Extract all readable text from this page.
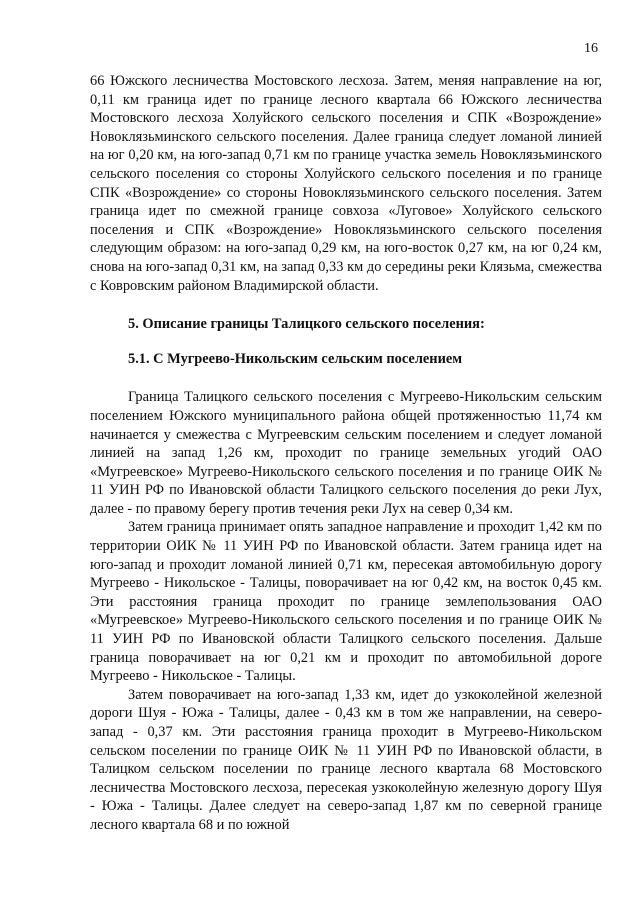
16

66 Южского лесничества Мостовского лесхоза. Затем, меняя направление на юг, 0,11 км граница идет по границе лесного квартала 66 Южского лесничества Мостовского лесхоза Холуйского сельского поселения и СПК «Возрождение» Новоклязьминского сельского поселения. Далее граница следует ломаной линией на юг 0,20 км, на юго-запад 0,71 км по границе участка земель Новоклязьминского сельского поселения со стороны Холуйского сельского поселения и по границе СПК «Возрождение» со стороны Новоклязьминского сельского поселения. Затем граница идет по смежной границе совхоза «Луговое» Холуйского сельского поселения и СПК «Возрождение» Новоклязьминского сельского поселения следующим образом: на юго-запад 0,29 км, на юго-восток 0,27 км, на юг 0,24 км, снова на юго-запад 0,31 км, на запад 0,33 км до середины реки Клязьма, смежества с Ковровским районом Владимирской области.

5. Описание границы Талицкого сельского поселения:

5.1. С Мугреево-Никольским сельским поселением

Граница Талицкого сельского поселения с Мугреево-Никольским сельским поселением Южского муниципального района общей протяженностью 11,74 км начинается у смежества с Мугреевским сельским поселением и следует ломаной линией на запад 1,26 км, проходит по границе земельных угодий ОАО «Мугреевское» Мугреево-Никольского сельского поселения и по границе ОИК № 11 УИН РФ по Ивановской области Талицкого сельского поселения до реки Лух, далее - по правому берегу против течения реки Лух на север 0,34 км.

Затем граница принимает опять западное направление и проходит 1,42 км по территории ОИК № 11 УИН РФ по Ивановской области. Затем граница идет на юго-запад и проходит ломаной линией 0,71 км, пересекая автомобильную дорогу Мугреево - Никольское - Талицы, поворачивает на юг 0,42 км, на восток 0,45 км. Эти расстояния граница проходит по границе землепользования ОАО «Мугреевское» Мугреево-Никольского сельского поселения и по границе ОИК № 11 УИН РФ по Ивановской области Талицкого сельского поселения. Дальше граница поворачивает на юг 0,21 км и проходит по автомобильной дороге Мугреево - Никольское - Талицы.

Затем поворачивает на юго-запад 1,33 км, идет до узкоколейной железной дороги Шуя - Южа - Талицы, далее - 0,43 км в том же направлении, на северо-запад - 0,37 км. Эти расстояния граница проходит в Мугреево-Никольском сельском поселении по границе ОИК № 11 УИН РФ по Ивановской области, в Талицком сельском поселении по границе лесного квартала 68 Мостовского лесничества Мостовского лесхоза, пересекая узкоколейную железную дорогу Шуя - Южа - Талицы. Далее следует на северо-запад 1,87 км по северной границе лесного квартала 68 и по южной
